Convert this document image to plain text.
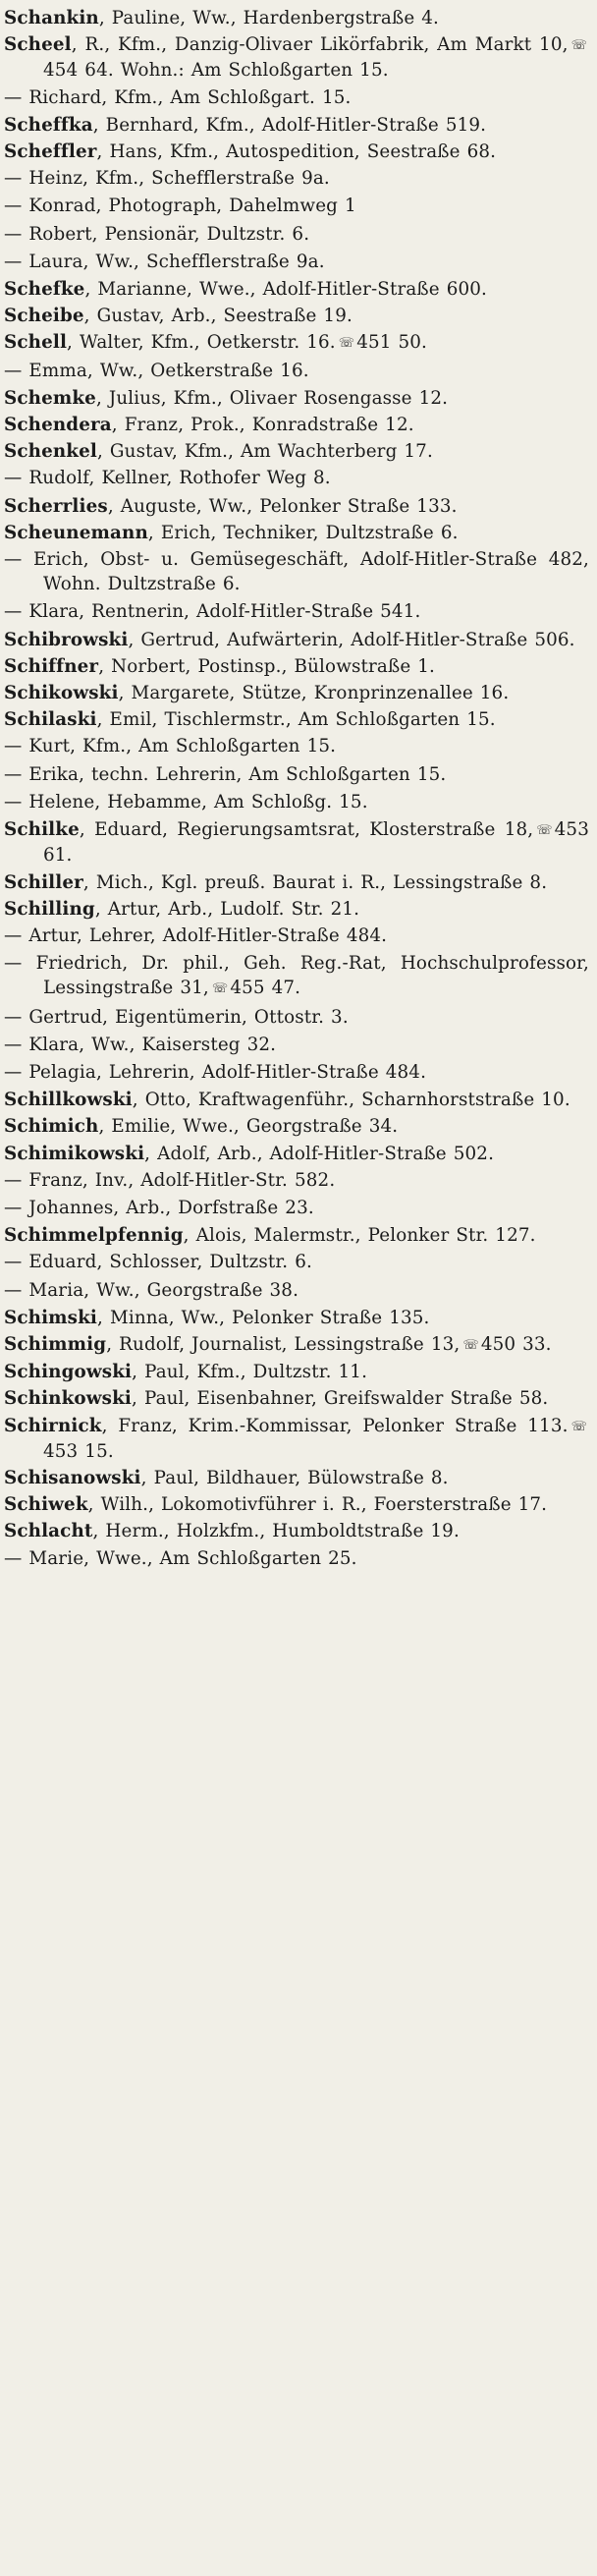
Schankin, Pauline, Ww., Hardenbergstraße 4.
Scheel, R., Kfm., Danzig-Olivaer Likörfabrik, Am Markt 10, ☏454 64. Wohn.: Am Schloßgarten 15.
— Richard, Kfm., Am Schloßgart. 15.
Scheffka, Bernhard, Kfm., Adolf-Hitler-Straße 519.
Scheffler, Hans, Kfm., Autospedition, Seestraße 68.
— Heinz, Kfm., Schefflerstraße 9a.
— Konrad, Photograph, Dahelmweg 1
— Robert, Pensionär, Dultzstr. 6.
— Laura, Ww., Schefflerstraße 9a.
Schefke, Marianne, Wwe., Adolf-Hitler-Straße 600.
Scheibe, Gustav, Arb., Seestraße 19.
Schell, Walter, Kfm., Oetkerstr. 16. ☏ 451 50.
— Emma, Ww., Oetkerstraße 16.
Schemke, Julius, Kfm., Olivaer Rosengasse 12.
Schendera, Franz, Prok., Konradstraße 12.
Schenkel, Gustav, Kfm., Am Wachterberg 17.
— Rudolf, Kellner, Rothofer Weg 8.
Scherrlies, Auguste, Ww., Pelonker Straße 133.
Scheunemann, Erich, Techniker, Dultzstraße 6.
— Erich, Obst- u. Gemüsegeschäft, Adolf-Hitler-Straße 482, Wohn. Dultzstraße 6.
— Klara, Rentnerin, Adolf-Hitler-Straße 541.
Schibrowski, Gertrud, Aufwärterin, Adolf-Hitler-Straße 506.
Schiffner, Norbert, Postinsp., Bülowstraße 1.
Schikowski, Margarete, Stütze, Kronprinzenallee 16.
Schilaski, Emil, Tischlermstr., Am Schloßgarten 15.
— Kurt, Kfm., Am Schloßgarten 15.
— Erika, techn. Lehrerin, Am Schloßgarten 15.
— Helene, Hebamme, Am Schloßg. 15.
Schilke, Eduard, Regierungsamtsrat, Klosterstraße 18, ☏ 453 61.
Schiller, Mich., Kgl. preuß. Baurat i. R., Lessingstraße 8.
Schilling, Artur, Arb., Ludolf. Str. 21.
— Artur, Lehrer, Adolf-Hitler-Straße 484.
— Friedrich, Dr. phil., Geh. Reg.-Rat, Hochschulprofessor, Lessingstraße 31, ☏ 455 47.
— Gertrud, Eigentümerin, Ottostr. 3.
— Klara, Ww., Kaisersteg 32.
— Pelagia, Lehrerin, Adolf-Hitler-Straße 484.
Schillkowski, Otto, Kraftwagenführ., Scharnhorststraße 10.
Schimich, Emilie, Wwe., Georgstraße 34.
Schimikowski, Adolf, Arb., Adolf-Hitler-Straße 502.
— Franz, Inv., Adolf-Hitler-Str. 582.
— Johannes, Arb., Dorfstraße 23.
Schimmelpfennig, Alois, Malermstr., Pelonker Str. 127.
— Eduard, Schlosser, Dultzstr. 6.
— Maria, Ww., Georgstraße 38.
Schimski, Minna, Ww., Pelonker Straße 135.
Schimmig, Rudolf, Journalist, Lessingstraße 13, ☏ 450 33.
Schingowski, Paul, Kfm., Dultzstr. 11.
Schinkowski, Paul, Eisenbahner, Greifswalder Straße 58.
Schirnick, Franz, Krim.-Kommissar, Pelonker Straße 113. ☏453 15.
Schisanowski, Paul, Bildhauer, Bülowstraße 8.
Schiwek, Wilh., Lokomotivführer i. R., Foersterstraße 17.
Schlacht, Herm., Holzkfm., Humboldtstraße 19.
— Marie, Wwe., Am Schloßgarten 25.
